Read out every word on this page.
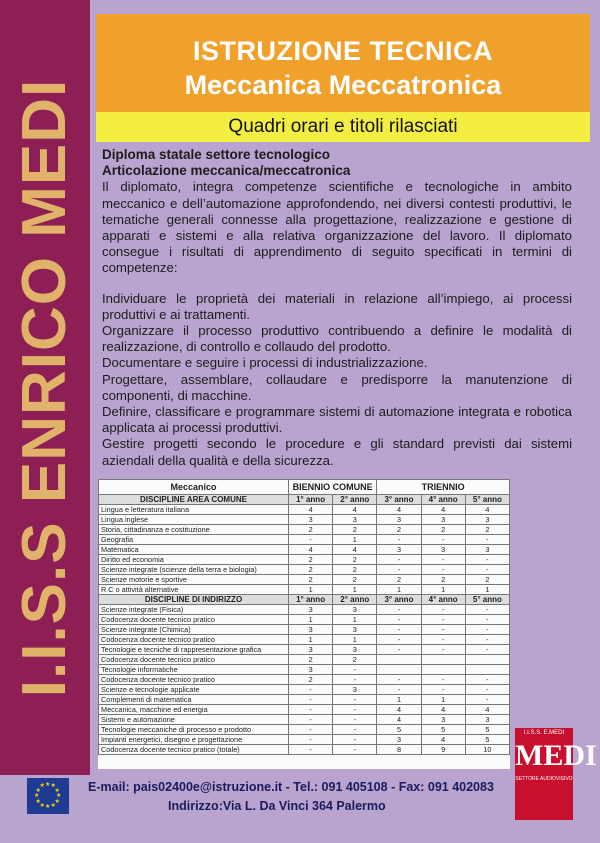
I.I.S.S ENRICO MEDI
ISTRUZIONE TECNICA
Meccanica Meccatronica
Quadri orari e titoli rilasciati
Diploma statale settore tecnologico
Articolazione meccanica/meccatronica

Il diplomato, integra competenze scientifiche e tecnologiche in ambito meccanico e dell’automazione approfondendo, nei diversi contesti produttivi, le tematiche generali connesse alla progettazione, realizzazione e gestione di apparati e sistemi e alla relativa organizzazione del lavoro. Il diplomato consegue i risultati di apprendimento di seguito specificati in termini di competenze:

Individuare le proprietà dei materiali in relazione all’impiego, ai processi produttivi e ai trattamenti.

Organizzare il processo produttivo contribuendo a definire le modalità di realizzazione, di controllo e collaudo del prodotto.

Documentare e seguire i processi di industrializzazione.

Progettare, assemblare, collaudare e predisporre la manutenzione di componenti, di macchine.

Definire, classificare e programmare sistemi di automazione integrata e robotica applicata ai processi produttivi.

Gestire progetti secondo le procedure e gli standard previsti dai sistemi aziendali della qualità e della sicurezza.

Meccanico	BIENNIO COMUNE		TRIENNIO		
DISCIPLINE AREA COMUNE	1° anno	2° anno	3° anno	4° anno	5° anno
Lingua e letteratura italiana	4	4	4	4	4
Lingua inglese	3	3	3	3	3
Storia, cittadinanza e costituzione	2	2	2	2	2
Geografia	-	1	-	-	-
Matematica	4	4	3	3	3
Diritto ed economia	2	2	-	-	-
Scienze integrate (scienze della terra e biologia)	2	2	-	-	-
Scienze motorie e sportive	2	2	2	2	2
R C o attività alternative	1	1	1	1	1
DISCIPLINE DI INDIRIZZO	1° anno	2° anno	3° anno	4° anno	5° anno
Scienze integrate (Fisica)	3	3	-	-	-
Codocenza docente tecnico pratico	1	1	-	-	-
Scienze integrate (Chimica)	3	3	-	-	-
Codocenza docente tecnico pratico	1	1	-	-	-
Tecnologie e tecniche di rappresentazione grafica	3	3	-	-	-
Codocenza docente tecnico pratico	2	2			
Tecnologie informatiche	3	-			
Codocenza docente tecnico pratico	2	-	-	-	-
Scienze e tecnologie applicate	-	3	-	-	-
Complementi di matematica	-	-	1	1	-
Meccanica, macchine ed energia	-	-	4	4	4
Sistemi e automazione	-	-	4	3	3
Tecnologie meccaniche di processo e prodotto	-	-	5	5	5
Impianti energetici, disegno e progettazione	-	-	3	4	5
Codocenza docente tecnico pratico (totale)	-	-	8	9	10
★
★
★
★
★
★
★
★
★ ★ ★
★ E-mail: pais02400e@istruzione.it - Tel.: 091 405108 - Fax: 091 402083
Indirizzo:Via L. Da Vinci 364 Palermo
I.I.S.S. E.MEDI
MEDI
SETTORE AUDIOVISIVO
